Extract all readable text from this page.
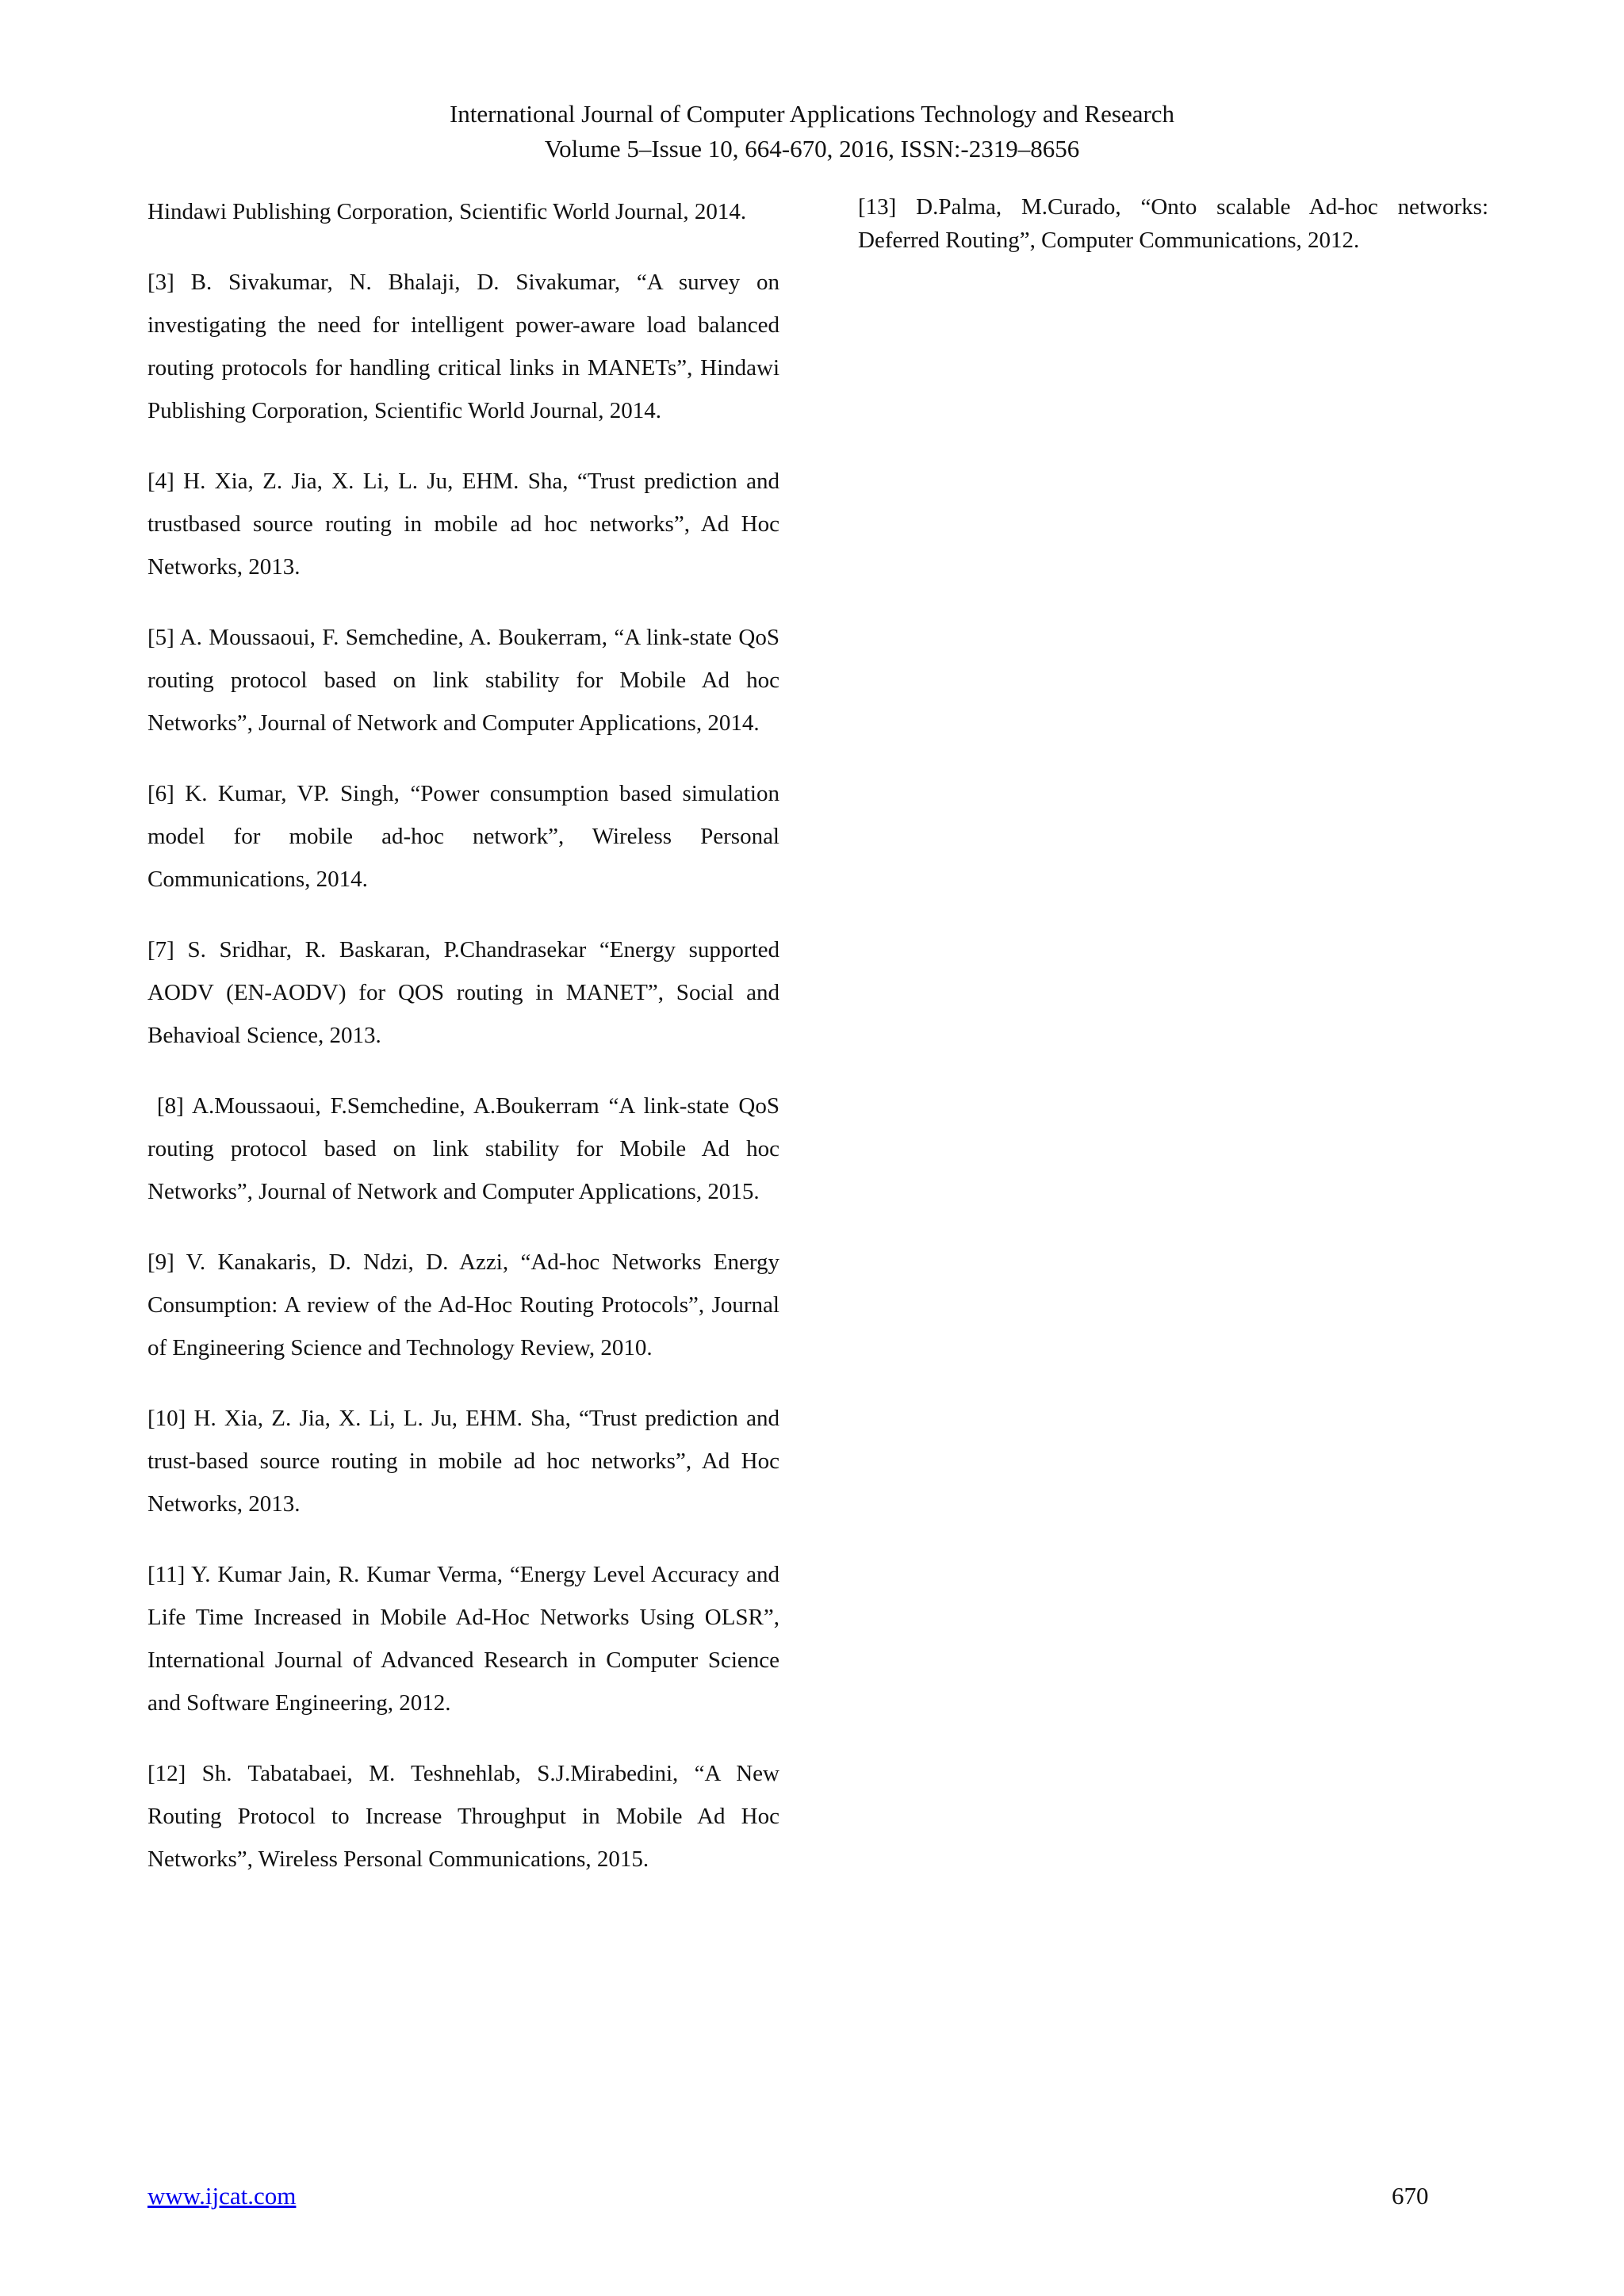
International Journal of Computer Applications Technology and Research
Volume 5–Issue 10, 664-670, 2016, ISSN:-2319–8656

Hindawi Publishing Corporation, Scientific World Journal, 2014.

[3] B. Sivakumar, N. Bhalaji, D. Sivakumar, “A survey on investigating the need for intelligent power-aware load balanced routing protocols for handling critical links in MANETs”, Hindawi Publishing Corporation, Scientific World Journal, 2014.

[4] H. Xia, Z. Jia, X. Li, L. Ju, EHM. Sha, “Trust prediction and trustbased source routing in mobile ad hoc networks”, Ad Hoc Networks, 2013.

[5] A. Moussaoui, F. Semchedine, A. Boukerram, “A link-state QoS routing protocol based on link stability for Mobile Ad hoc Networks”, Journal of Network and Computer Applications, 2014.

[6] K. Kumar, VP. Singh, “Power consumption based simulation model for mobile ad-hoc network”, Wireless Personal Communications, 2014.

[7] S. Sridhar, R. Baskaran, P.Chandrasekar “Energy supported AODV (EN-AODV) for QOS routing in MANET”, Social and Behavioal Science, 2013.

[8] A.Moussaoui, F.Semchedine, A.Boukerram “A link-state QoS routing protocol based on link stability for Mobile Ad hoc Networks”, Journal of Network and Computer Applications, 2015.

[9] V. Kanakaris, D. Ndzi, D. Azzi, “Ad-hoc Networks Energy Consumption: A review of the Ad-Hoc Routing Protocols”, Journal of Engineering Science and Technology Review, 2010.

[10] H. Xia, Z. Jia, X. Li, L. Ju, EHM. Sha, “Trust prediction and trust-based source routing in mobile ad hoc networks”, Ad Hoc Networks, 2013.

[11] Y. Kumar Jain, R. Kumar Verma, “Energy Level Accuracy and Life Time Increased in Mobile Ad-Hoc Networks Using OLSR”, International Journal of Advanced Research in Computer Science and Software Engineering, 2012.

[12] Sh. Tabatabaei, M. Teshnehlab, S.J.Mirabedini, “A New Routing Protocol to Increase Throughput in Mobile Ad Hoc Networks”, Wireless Personal Communications, 2015.

[13] D.Palma, M.Curado, “Onto scalable Ad-hoc networks: Deferred Routing”, Computer Communications, 2012.

www.ijcat.com	670
